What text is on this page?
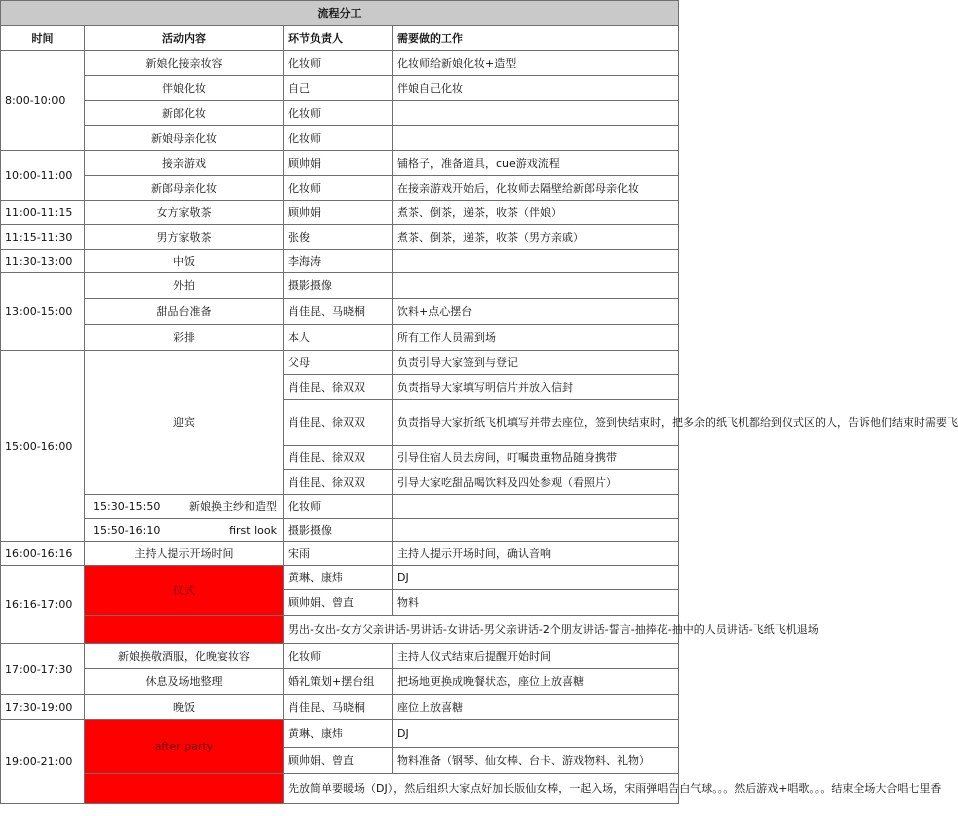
流程分工			
时间	活动内容	环节负责人	需要做的工作
8:00-10:00	新娘化接亲妆容	化妆师	化妆师给新娘化妆+造型
	伴娘化妆	自己	伴娘自己化妆
	新郎化妆	化妆师	
	新娘母亲化妆	化妆师	
10:00-11:00	接亲游戏	顾帅娟	铺格子，准备道具，cue游戏流程
	新郎母亲化妆	化妆师	在接亲游戏开始后，化妆师去隔壁给新郎母亲化妆
11:00-11:15	女方家敬茶	顾帅娟	煮茶、倒茶，递茶，收茶（伴娘）
11:15-11:30	男方家敬茶	张俊	煮茶、倒茶，递茶，收茶（男方亲戚）
11:30-13:00	中饭	李海涛	
13:00-15:00	外拍	摄影摄像	
	甜品台准备	肖佳昆、马晓桐	饮料+点心摆台
	彩排	本人	所有工作人员需到场
15:00-16:00	迎宾	父母	负责引导大家签到与登记
		肖佳昆、徐双双	负责指导大家填写明信片并放入信封
		肖佳昆、徐双双	负责指导大家折纸飞机填写并带去座位，签到快结束时，把多余的纸飞机都给到仪式区的人，告诉他们结束时需要飞
		肖佳昆、徐双双	引导住宿人员去房间，叮嘱贵重物品随身携带
		肖佳昆、徐双双	引导大家吃甜品喝饮料及四处参观（看照片）

	15:30-15:50 新娘换主纱和造型	化妆师	

	15:50-16:10 first look	摄影摄像	
16:00-16:16	主持人提示开场时间	宋雨	主持人提示开场时间，确认音响
16:16-17:00	仪式	黄琳、康炜	DJ
		顾帅娟、曾直	物料
		男出-女出-女方父亲讲话-男讲话-女讲话-男父亲讲话-2个朋友讲话-誓言-抽捧花-抽中的人员讲话-飞纸飞机退场	
17:00-17:30	新娘换敬酒服，化晚宴妆容	化妆师	主持人仪式结束后提醒开始时间
	休息及场地整理	婚礼策划+摆台组	把场地更换成晚餐状态，座位上放喜糖
17:30-19:00	晚饭	肖佳昆、马晓桐	座位上放喜糖
19:00-21:00	after party	黄琳、康炜	DJ
		顾帅娟、曾直	物料准备（钢琴、仙女棒、台卡、游戏物料、礼物）
		先放简单要暖场（DJ），然后组织大家点好加长版仙女棒，一起入场，宋雨弹唱告白气球。。。然后游戏+唱歌。。。结束全场大合唱七里香	
